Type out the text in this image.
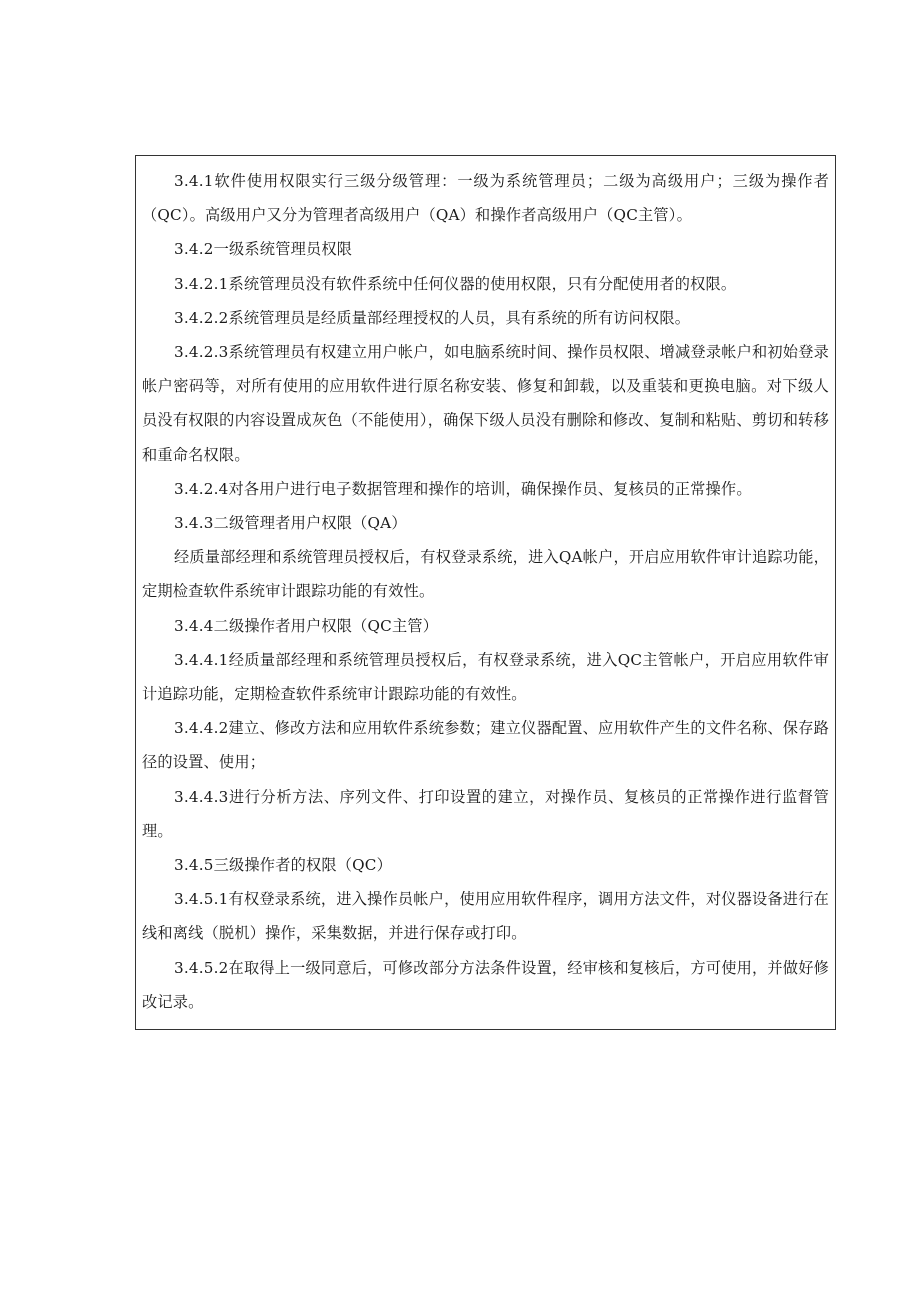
3.4.1软件使用权限实行三级分级管理：一级为系统管理员；二级为高级用户；三级为操作者（QC）。高级用户又分为管理者高级用户（QA）和操作者高级用户（QC主管）。

3.4.2一级系统管理员权限

3.4.2.1系统管理员没有软件系统中任何仪器的使用权限，只有分配使用者的权限。

3.4.2.2系统管理员是经质量部经理授权的人员，具有系统的所有访问权限。

3.4.2.3系统管理员有权建立用户帐户，如电脑系统时间、操作员权限、增减登录帐户和初始登录帐户密码等，对所有使用的应用软件进行原名称安装、修复和卸载，以及重装和更换电脑。对下级人员没有权限的内容设置成灰色（不能使用），确保下级人员没有删除和修改、复制和粘贴、剪切和转移和重命名权限。

3.4.2.4对各用户进行电子数据管理和操作的培训，确保操作员、复核员的正常操作。

3.4.3二级管理者用户权限（QA）

经质量部经理和系统管理员授权后，有权登录系统，进入QA帐户，开启应用软件审计追踪功能，定期检查软件系统审计跟踪功能的有效性。

3.4.4二级操作者用户权限（QC主管）

3.4.4.1经质量部经理和系统管理员授权后，有权登录系统，进入QC主管帐户，开启应用软件审计追踪功能，定期检查软件系统审计跟踪功能的有效性。

3.4.4.2建立、修改方法和应用软件系统参数；建立仪器配置、应用软件产生的文件名称、保存路径的设置、使用；

3.4.4.3进行分析方法、序列文件、打印设置的建立，对操作员、复核员的正常操作进行监督管理。

3.4.5三级操作者的权限（QC）

3.4.5.1有权登录系统，进入操作员帐户，使用应用软件程序，调用方法文件，对仪器设备进行在线和离线（脱机）操作，采集数据，并进行保存或打印。

3.4.5.2在取得上一级同意后，可修改部分方法条件设置，经审核和复核后，方可使用，并做好修改记录。
